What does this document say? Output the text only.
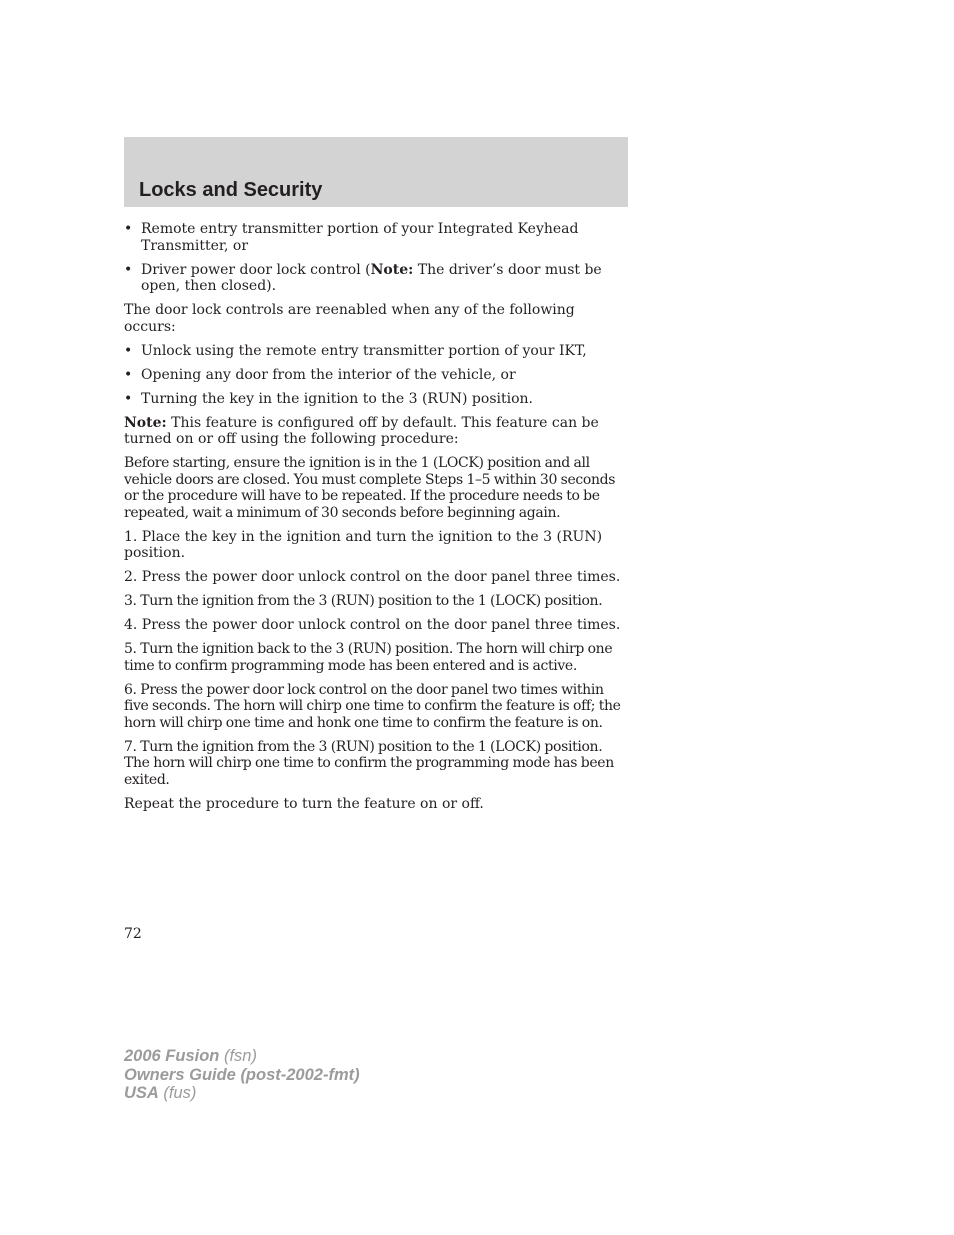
Locks and Security
• Remote entry transmitter portion of your Integrated Keyhead Transmitter, or
• Driver power door lock control (Note: The driver’s door must be open, then closed).

The door lock controls are reenabled when any of the following occurs:

• Unlock using the remote entry transmitter portion of your IKT,
• Opening any door from the interior of the vehicle, or
• Turning the key in the ignition to the 3 (RUN) position.

Note: This feature is configured off by default. This feature can be turned on or off using the following procedure:

Before starting, ensure the ignition is in the 1 (LOCK) position and all vehicle doors are closed. You must complete Steps 1–5 within 30 seconds or the procedure will have to be repeated. If the procedure needs to be repeated, wait a minimum of 30 seconds before beginning again.

1. Place the key in the ignition and turn the ignition to the 3 (RUN) position.

2. Press the power door unlock control on the door panel three times.

3. Turn the ignition from the 3 (RUN) position to the 1 (LOCK) position.

4. Press the power door unlock control on the door panel three times.

5. Turn the ignition back to the 3 (RUN) position. The horn will chirp one time to confirm programming mode has been entered and is active.

6. Press the power door lock control on the door panel two times within five seconds. The horn will chirp one time to confirm the feature is off; the horn will chirp one time and honk one time to confirm the feature is on.

7. Turn the ignition from the 3 (RUN) position to the 1 (LOCK) position. The horn will chirp one time to confirm the programming mode has been exited.

Repeat the procedure to turn the feature on or off.

72
2006 Fusion (fsn)
Owners Guide (post-2002-fmt)
USA (fus)
